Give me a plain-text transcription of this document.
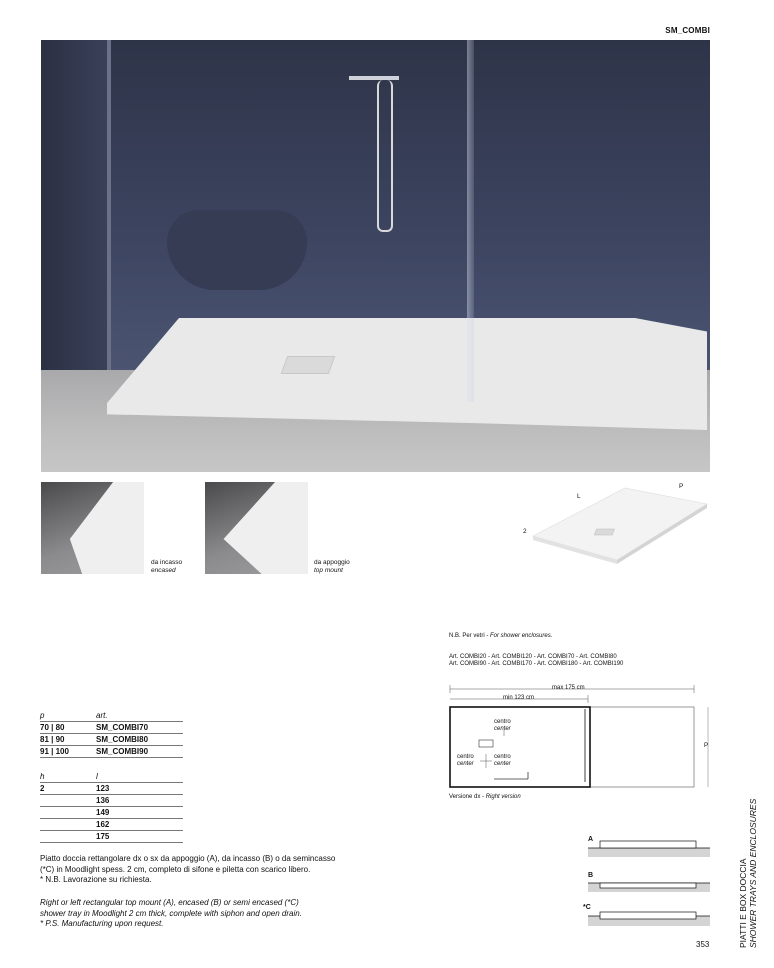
SM_COMBI
da incasso
encased
da appoggio
top mount
P
L
2
N.B. Per vetri - For shower enclosures.
Art. COMBI20 - Art. COMBI120 - Art. COMBI70 - Art. COMBI80
Art. COMBI90 - Art. COMBI170 - Art. COMBI180 - Art. COMBI190
max 175 cm
min 123 cm
centro
center
centro
center
centro
center
P
Versione dx - Right version
p	art.
70 | 80	SM_COMBI70
81 | 90	SM_COMBI80
91 | 100	SM_COMBI90
h	l
2	123
	136
	149
	162
	175
Piatto doccia rettangolare dx o sx da appoggio (A), da incasso (B) o da semincasso
(*C) in Moodlight spess. 2 cm, completo di sifone e piletta con scarico libero.
* N.B. Lavorazione su richiesta.
Right or left rectangular top mount (A), encased (B) or semi encased (*C)
shower tray in Moodlight 2 cm thick, complete with siphon and open drain.
* P.S. Manufacturing upon request.
A
B
*C	PIATTI E BOX DOCCIA SHOWER TRAYS AND ENCLOSURES
353
